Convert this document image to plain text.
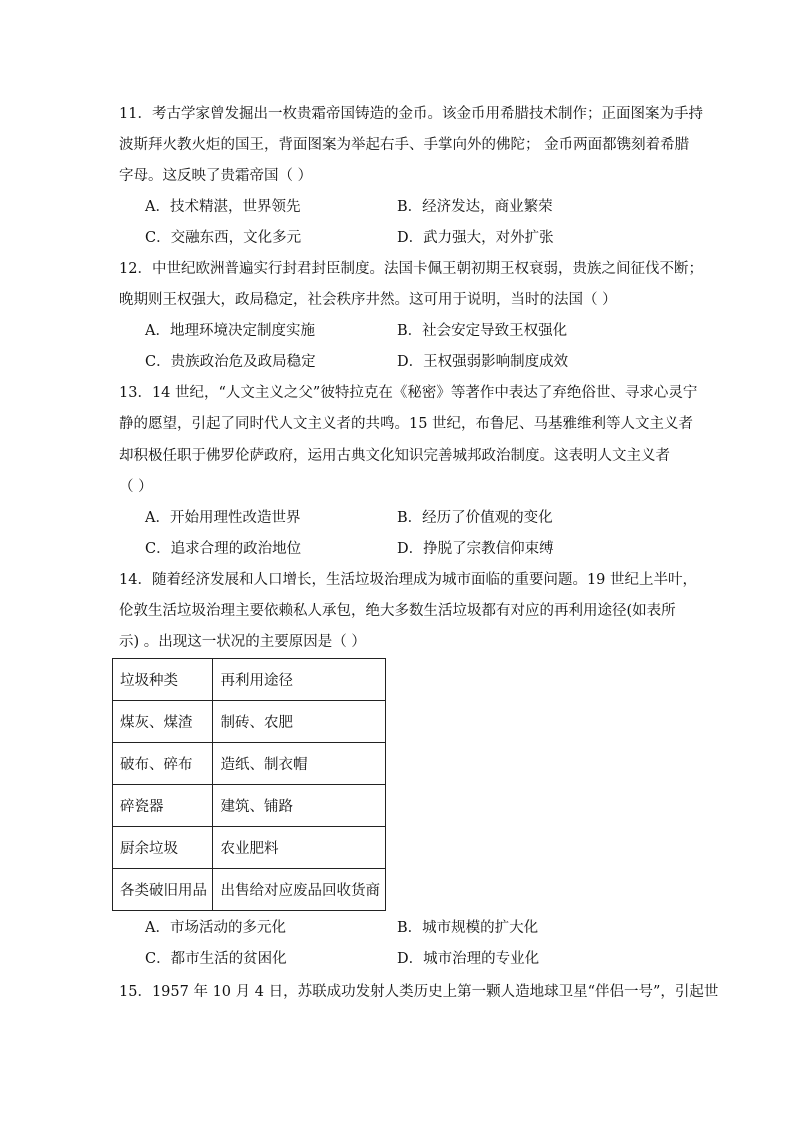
11．考古学家曾发掘出一枚贵霜帝国铸造的金币。该金币用希腊技术制作；正面图案为手持
波斯拜火教火炬的国王，背面图案为举起右手、手掌向外的佛陀； 金币两面都镌刻着希腊
字母。这反映了贵霜帝国（ ）
A．技术精湛，世界领先	B．经济发达，商业繁荣
C．交融东西，文化多元	D．武力强大，对外扩张
12．中世纪欧洲普遍实行封君封臣制度。法国卡佩王朝初期王权衰弱，贵族之间征伐不断；
晚期则王权强大，政局稳定，社会秩序井然。这可用于说明，当时的法国（ ）
A．地理环境决定制度实施	B．社会安定导致王权强化
C．贵族政治危及政局稳定	D．王权强弱影响制度成效
13．14 世纪，“人文主义之父”彼特拉克在《秘密》等著作中表达了弃绝俗世、寻求心灵宁
静的愿望，引起了同时代人文主义者的共鸣。15 世纪，布鲁尼、马基雅维利等人文主义者
却积极任职于佛罗伦萨政府，运用古典文化知识完善城邦政治制度。这表明人文主义者
（ ）
A．开始用理性改造世界	B．经历了价值观的变化
C．追求合理的政治地位	D．挣脱了宗教信仰束缚
14．随着经济发展和人口增长，生活垃圾治理成为城市面临的重要问题。19 世纪上半叶，
伦敦生活垃圾治理主要依赖私人承包，绝大多数生活垃圾都有对应的再利用途径(如表所
示) 。出现这一状况的主要原因是（ ）
垃圾种类	再利用途径
煤灰、煤渣	制砖、农肥
破布、碎布	造纸、制衣帽
碎瓷器	建筑、铺路
厨余垃圾	农业肥料
各类破旧用品	出售给对应废品回收货商
A．市场活动的多元化	B．城市规模的扩大化
C．都市生活的贫困化	D．城市治理的专业化
15．1957 年 10 月 4 日，苏联成功发射人类历史上第一颗人造地球卫星“伴侣一号”，引起世
